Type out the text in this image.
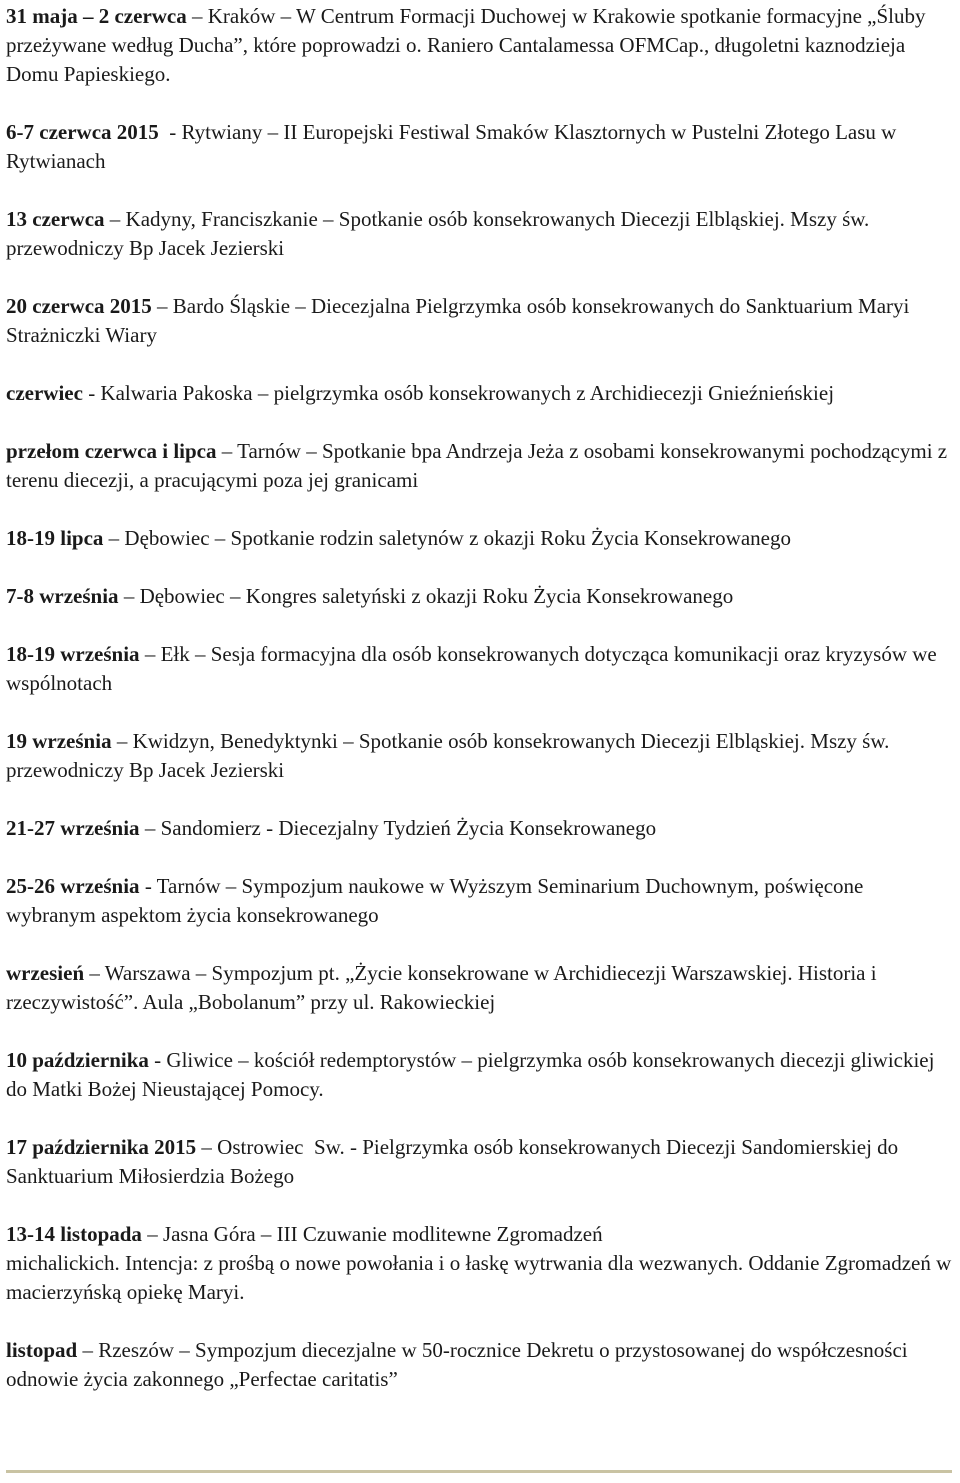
31 maja – 2 czerwca – Kraków – W Centrum Formacji Duchowej w Krakowie spotkanie formacyjne „Śluby przeżywane według Ducha”, które poprowadzi o. Raniero Cantalamessa OFMCap., długoletni kaznodzieja Domu Papieskiego.

6-7 czerwca 2015  - Rytwiany – II Europejski Festiwal Smaków Klasztornych w Pustelni Złotego Lasu w Rytwianach

13 czerwca – Kadyny, Franciszkanie – Spotkanie osób konsekrowanych Diecezji Elbląskiej. Mszy św. przewodniczy Bp Jacek Jezierski

20 czerwca 2015 – Bardo Śląskie – Diecezjalna Pielgrzymka osób konsekrowanych do Sanktuarium Maryi Strażniczki Wiary

czerwiec - Kalwaria Pakoska – pielgrzymka osób konsekrowanych z Archidiecezji Gnieźnieńskiej

przełom czerwca i lipca – Tarnów – Spotkanie bpa Andrzeja Jeża z osobami konsekrowanymi pochodzącymi z terenu diecezji, a pracującymi poza jej granicami

18-19 lipca – Dębowiec – Spotkanie rodzin saletynów z okazji Roku Życia Konsekrowanego

7-8 września – Dębowiec – Kongres saletyński z okazji Roku Życia Konsekrowanego

18-19 września – Ełk – Sesja formacyjna dla osób konsekrowanych dotycząca komunikacji oraz kryzysów we wspólnotach

19 września – Kwidzyn, Benedyktynki – Spotkanie osób konsekrowanych Diecezji Elbląskiej. Mszy św. przewodniczy Bp Jacek Jezierski

21-27 września – Sandomierz - Diecezjalny Tydzień Życia Konsekrowanego

25-26 września - Tarnów – Sympozjum naukowe w Wyższym Seminarium Duchownym, poświęcone wybranym aspektom życia konsekrowanego

wrzesień – Warszawa – Sympozjum pt. „Życie konsekrowane w Archidiecezji Warszawskiej. Historia i rzeczywistość”. Aula „Bobolanum” przy ul. Rakowieckiej

10 października - Gliwice – kościół redemptorystów – pielgrzymka osób konsekrowanych diecezji gliwickiej do Matki Bożej Nieustającej Pomocy.

17 października 2015 – Ostrowiec  Sw. - Pielgrzymka osób konsekrowanych Diecezji Sandomierskiej do Sanktuarium Miłosierdzia Bożego

13-14 listopada – Jasna Góra – III Czuwanie modlitewne Zgromadzeń
michalickich. Intencja: z prośbą o nowe powołania i o łaskę wytrwania dla wezwanych. Oddanie Zgromadzeń w macierzyńską opiekę Maryi.

listopad – Rzeszów – Sympozjum diecezjalne w 50-rocznice Dekretu o przystosowanej do współczesności odnowie życia zakonnego „Perfectae caritatis”
